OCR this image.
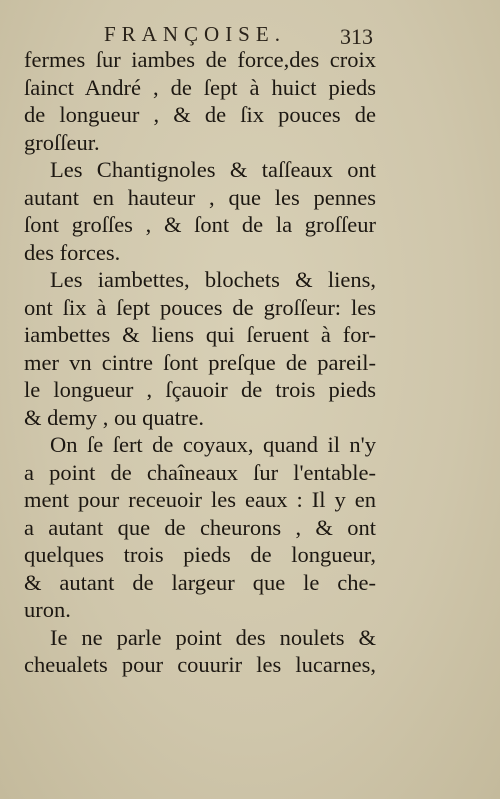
FRANÇOISE. 313
fermes ſur iambes de force,des croix
ſainct André , de ſept à huict pieds
de longueur , & de ſix pouces de
groſſeur.
Les Chantignoles & taſſeaux ont
autant en hauteur , que les pennes
ſont groſſes , & ſont de la groſſeur
des forces.
Les iambettes, blochets & liens,
ont ſix à ſept pouces de groſſeur: les
iambettes & liens qui ſeruent à for-
mer vn cintre ſont preſque de pareil-
le longueur , ſçauoir de trois pieds
& demy , ou quatre.
On ſe ſert de coyaux, quand il n'y
a point de chaîneaux ſur l'entable-
ment pour receuoir les eaux : Il y en
a autant que de cheurons , & ont
quelques trois pieds de longueur,
& autant de largeur que le che-
uron.
Ie ne parle point des noulets &
cheualets pour couurir les lucarnes,
